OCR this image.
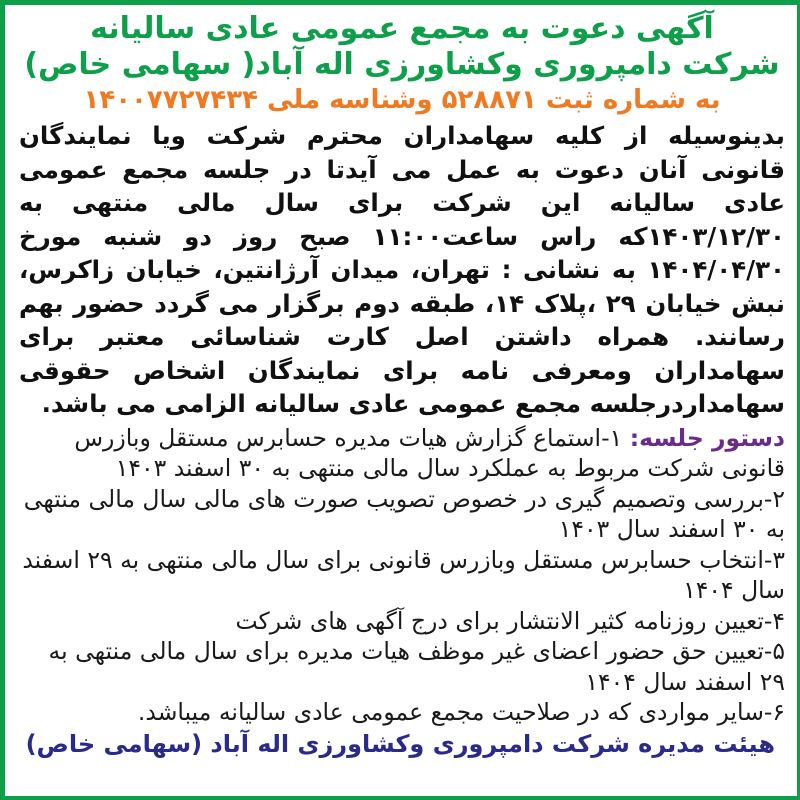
آگهی دعوت به مجمع عمومی عادی سالیانه

شرکت دامپروری وکشاورزی اله آباد( سهامی خاص)

به شماره ثبت ۵۲۸۸۷۱ وشناسه ملی ۱۴۰۰۷۷۲۷۴۳۴

بدینوسیله از کلیه سهامداران محترم شرکت ویا نمایندگان قانونی آنان دعوت به عمل می آیدتا در جلسه مجمع عمومی عادی سالیانه این شرکت برای سال مالی منتهی به ۱۴۰۳/۱۲/۳۰که راس ساعت۱۱:۰۰ صبح روز دو شنبه مورخ ۱۴۰۴/۰۴/۳۰ به نشانی : تهران، میدان آرژانتین، خیابان زاکرس، نبش خیابان ۲۹ ،پلاک ۱۴، طبقه دوم برگزار می گردد حضور بهم رسانند. همراه داشتن اصل کارت شناسائی معتبر برای سهامداران ومعرفی نامه برای نمایندگان اشخاص حقوقی سهامداردرجلسه مجمع عمومی عادی سالیانه الزامی می باشد.

دستور جلسه: ۱-استماع گزارش هیات مدیره حسابرس مستقل وبازرس قانونی شرکت مربوط به عملکرد سال مالی منتهی به ۳۰ اسفند ۱۴۰۳
۲-بررسی وتصمیم گیری در خصوص تصویب صورت های مالی سال مالی منتهی به ۳۰ اسفند سال ۱۴۰۳
۳-انتخاب حسابرس مستقل وبازرس قانونی برای سال مالی منتهی به ۲۹ اسفند سال ۱۴۰۴
۴-تعیین روزنامه کثیر الانتشار برای درج آگهی های شرکت
۵-تعیین حق حضور اعضای غیر موظف هیات مدیره برای سال مالی منتهی به ۲۹ اسفند سال ۱۴۰۴
۶-سایر مواردی که در صلاحیت مجمع عمومی عادی سالیانه میباشد.

هیئت مدیره شرکت دامپروری وکشاورزی اله آباد (سهامی خاص)
